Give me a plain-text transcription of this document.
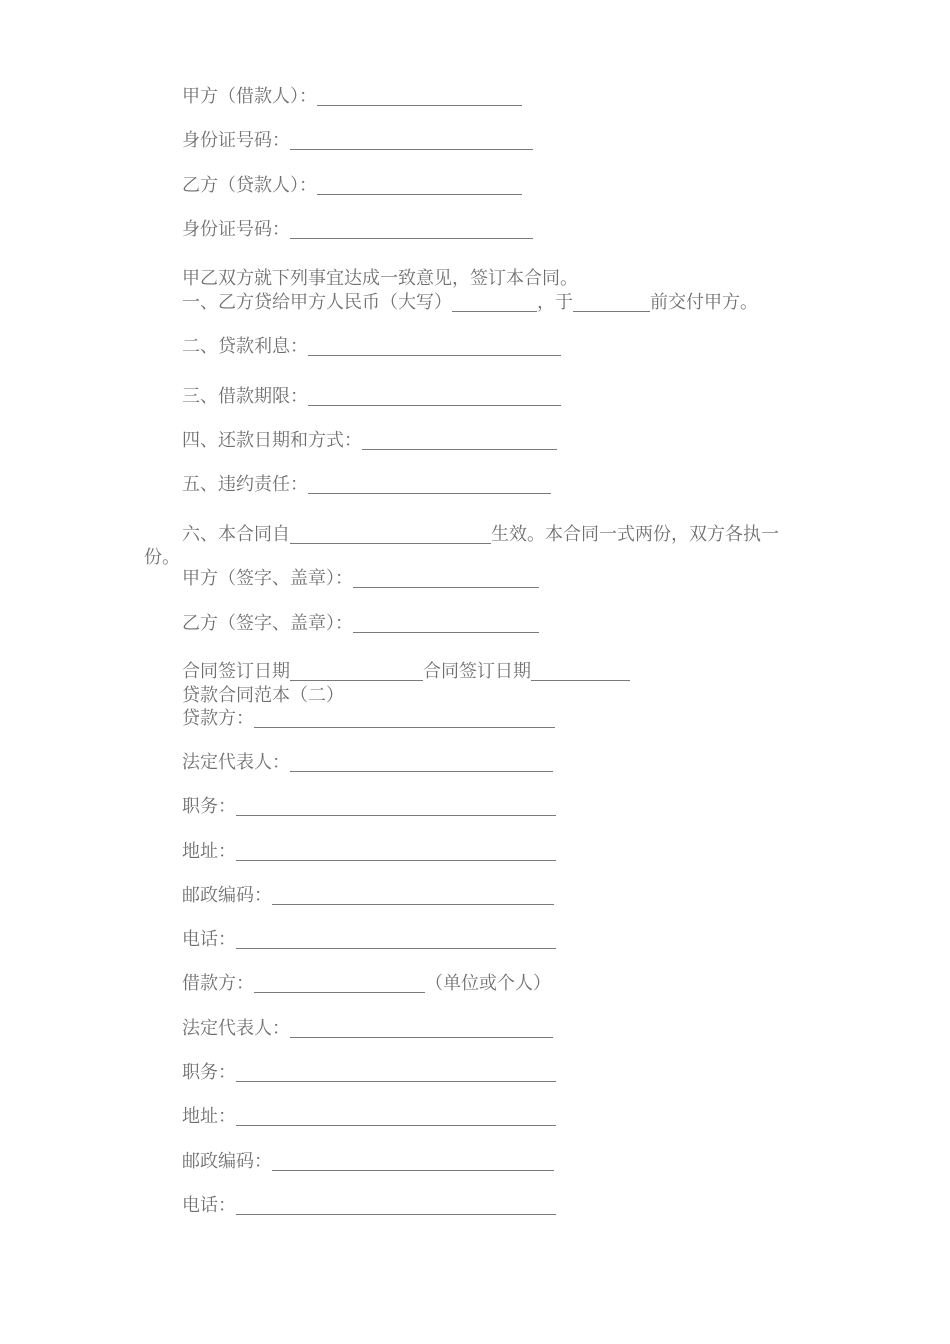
甲方（借款人）：
身份证号码：
乙方（贷款人）：
身份证号码：
甲乙双方就下列事宜达成一致意见，签订本合同。
一、乙方贷给甲方人民币（大写）	，于	前交付甲方。
二、贷款利息：
三、借款期限：
四、还款日期和方式：
五、违约责任：
六、本合同自	生效。本合同一式两份，双方各执一
份。
甲方（签字、盖章）：
乙方（签字、盖章）：
合同签订日期	合同签订日期
贷款合同范本（二）
贷款方：
法定代表人：
职务：
地址：
邮政编码：
电话：
借款方：	（单位或个人）
法定代表人：
职务：
地址：
邮政编码：
电话：
